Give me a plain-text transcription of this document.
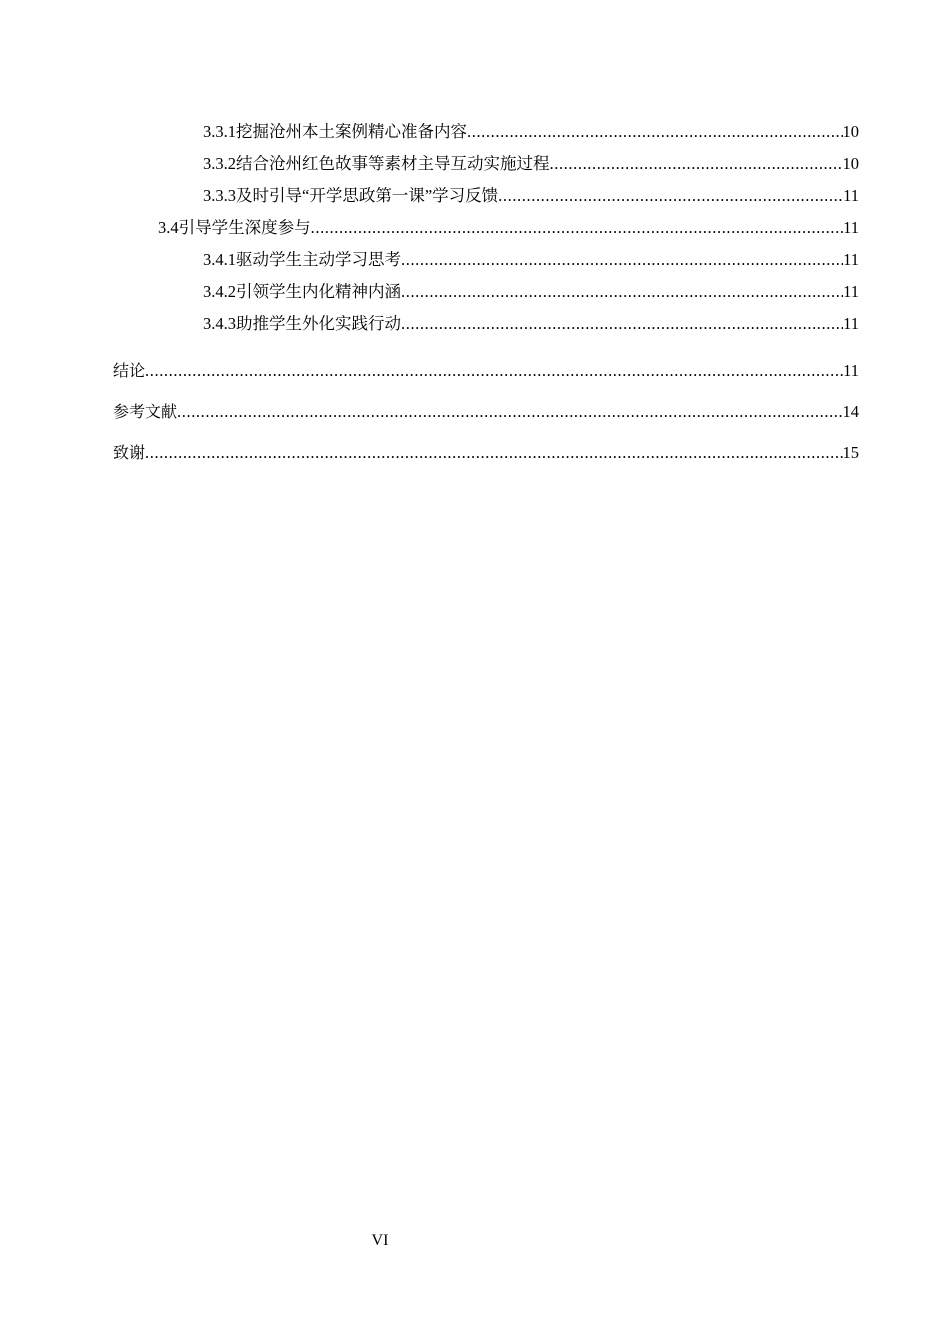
3.3.1 挖掘沧州本土案例精心准备内容 .....	10
3.3.2 结合沧州红色故事等素材主导互动实施过程 .....	10
3.3.3 及时引导“开学思政第一课”学习反馈 .....	11
3.4 引导学生深度参与 .....	11
3.4.1 驱动学生主动学习思考 .....	11
3.4.2 引领学生内化精神内涵 .....	11
3.4.3 助推学生外化实践行动 .....	11
结论 .....	11
参考文献 .....	14
致谢 .....	15
VI
